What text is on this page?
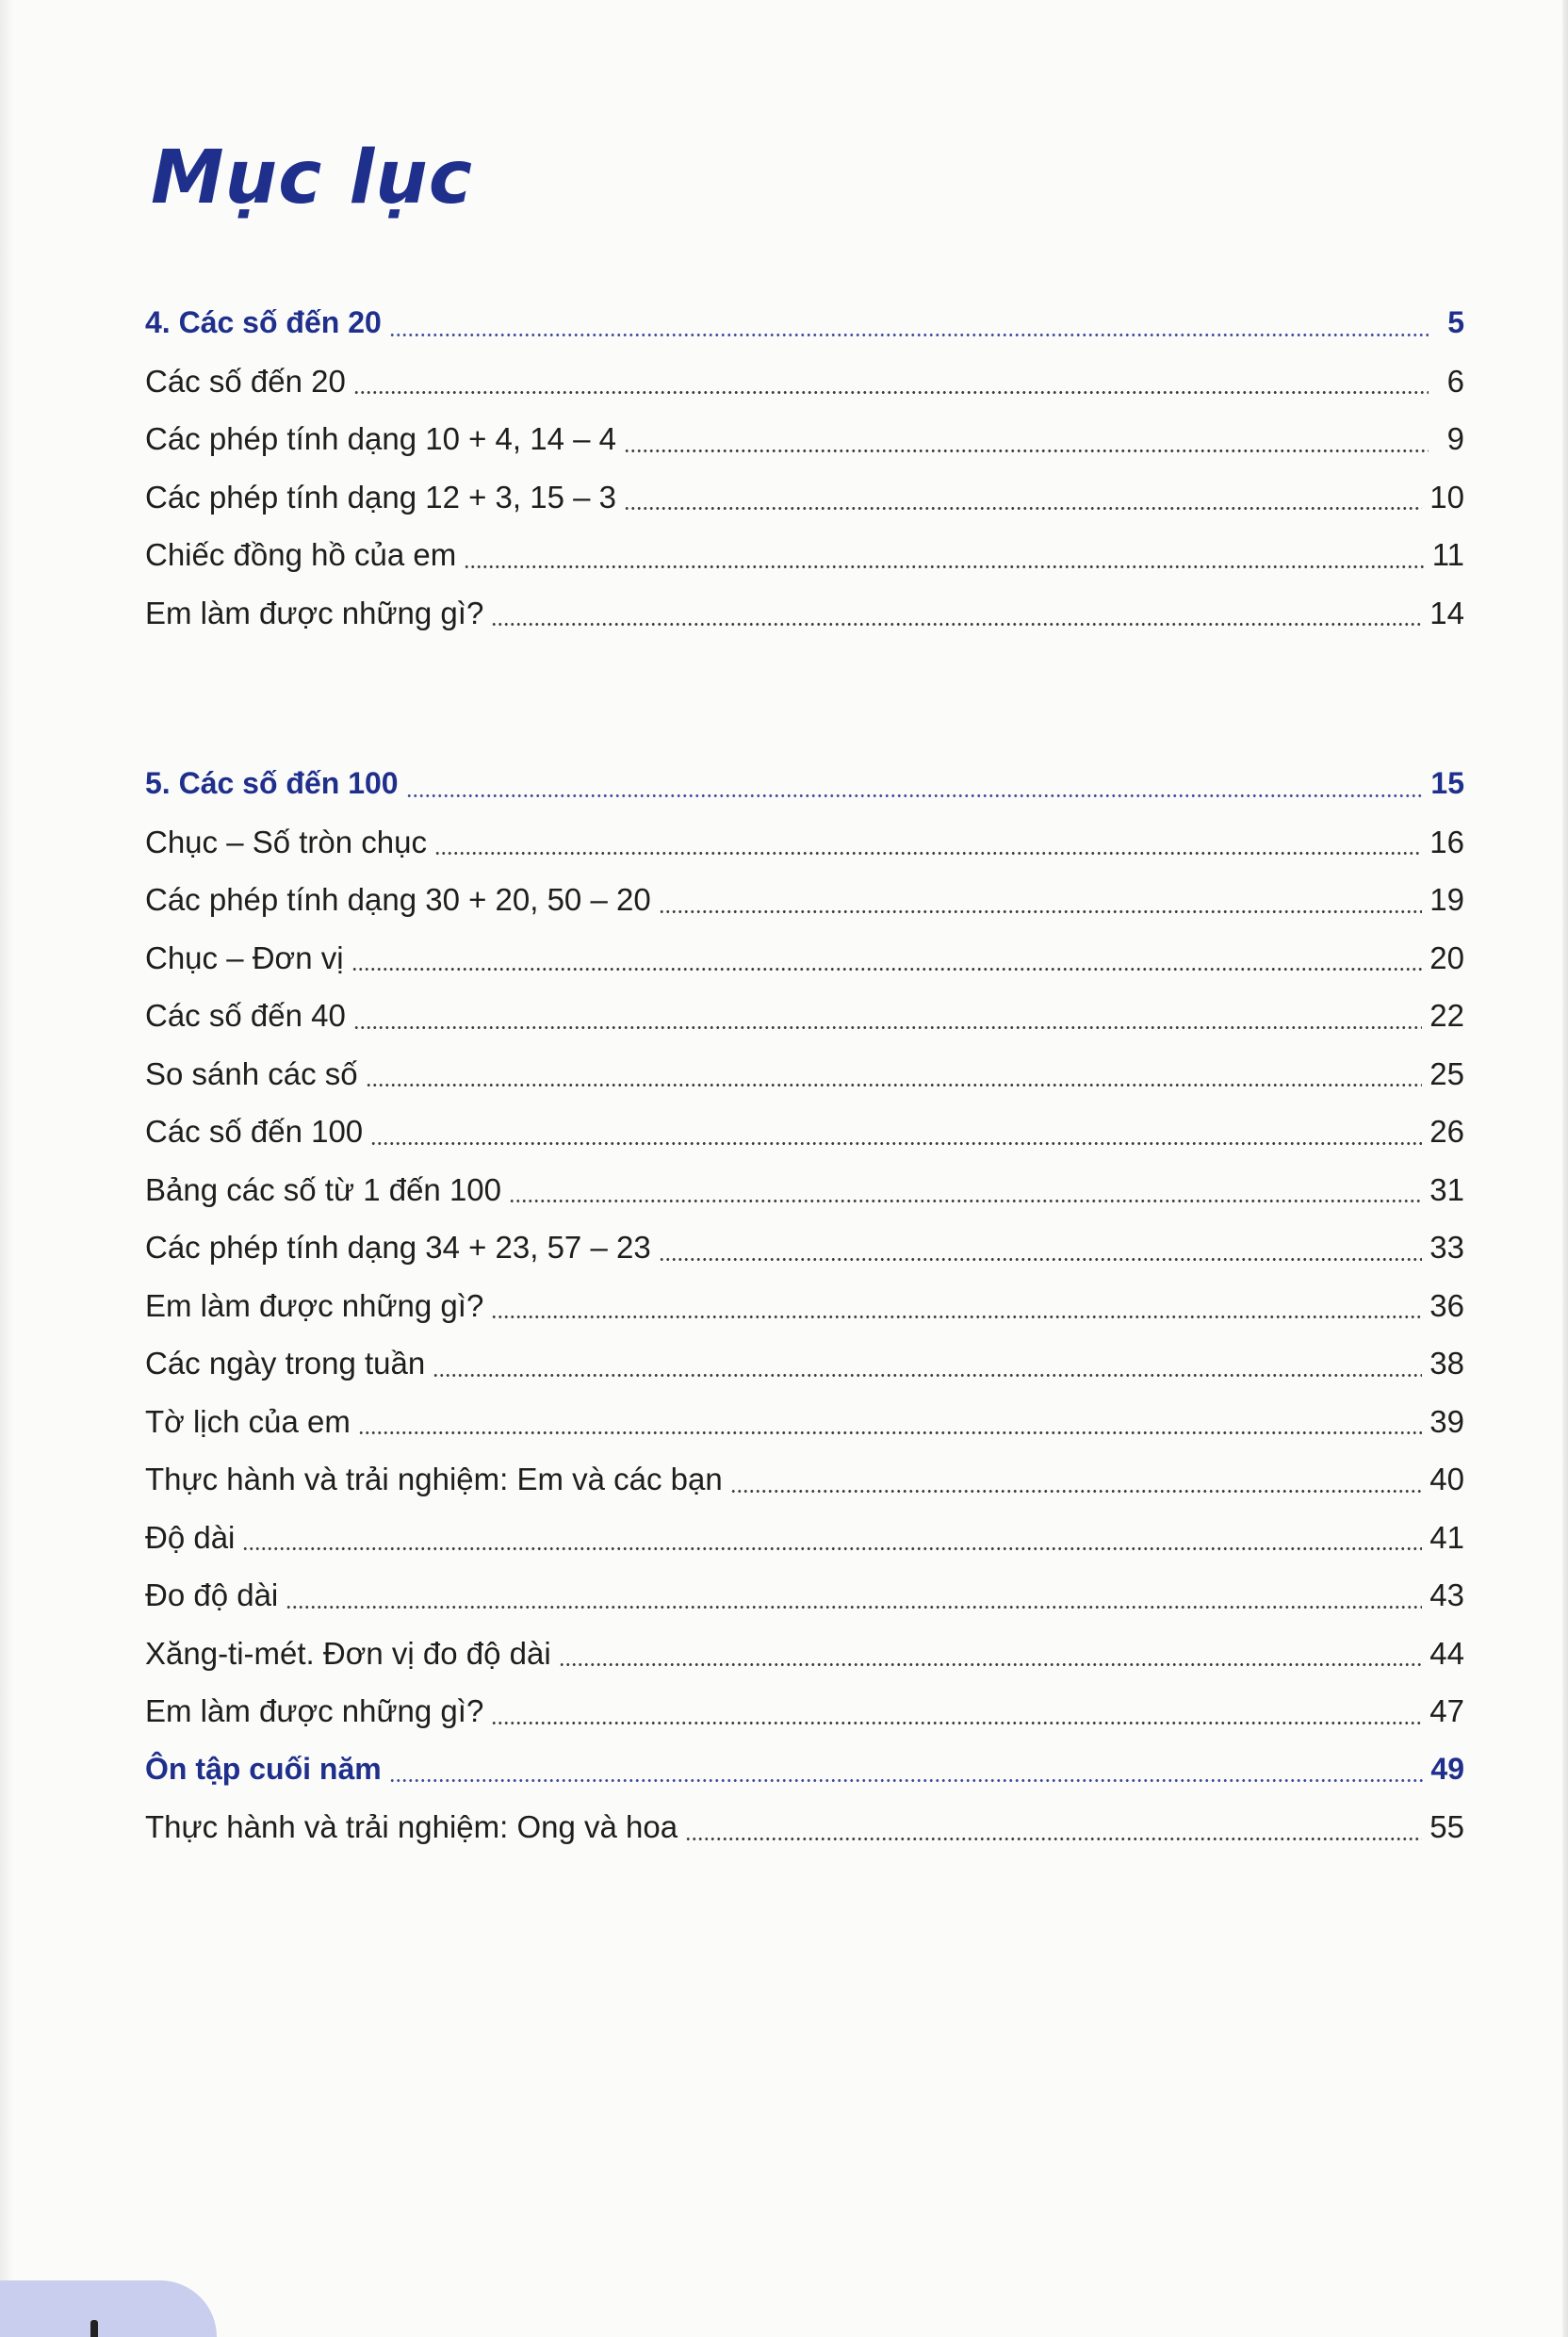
Mục lục
4. Các số đến 20	5
Các số đến 20	6
Các phép tính dạng 10 + 4, 14 – 4	9
Các phép tính dạng 12 + 3, 15 – 3	10
Chiếc đồng hồ của em	11
Em làm được những gì?	14
5. Các số đến 100	15
Chục – Số tròn chục	16
Các phép tính dạng 30 + 20, 50 – 20	19
Chục – Đơn vị	20
Các số đến 40	22
So sánh các số	25
Các số đến 100	26
Bảng các số từ 1 đến 100	31
Các phép tính dạng 34 + 23, 57 – 23	33
Em làm được những gì?	36
Các ngày trong tuần	38
Tờ lịch của em	39
Thực hành và trải nghiệm: Em và các bạn	40
Độ dài	41
Đo độ dài	43
Xăng-ti-mét. Đơn vị đo độ dài	44
Em làm được những gì?	47
Ôn tập cuối năm	49
Thực hành và trải nghiệm: Ong và hoa	55
